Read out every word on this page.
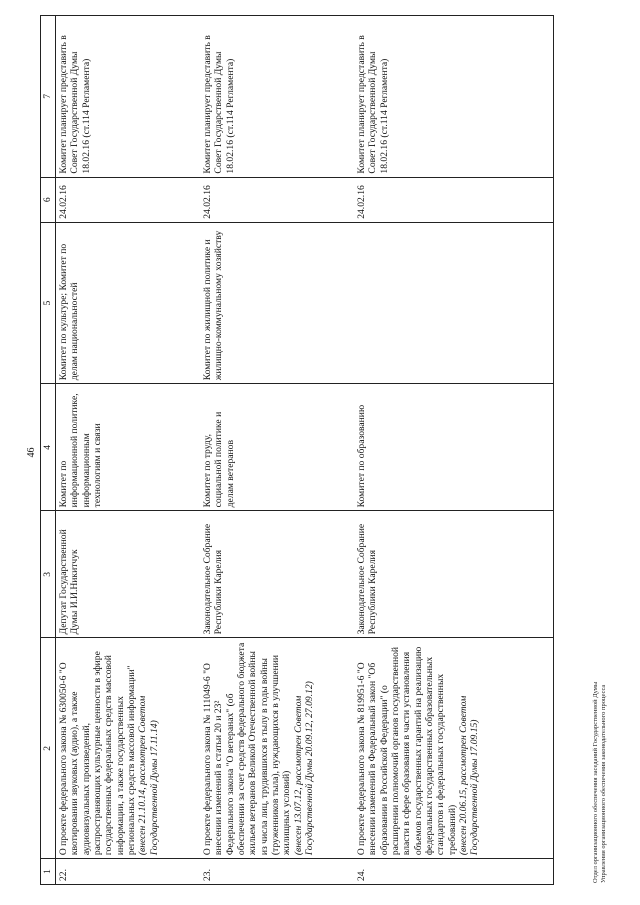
46
1	2	3	4	5	6	7
22.	О проекте федерального закона № 630050-6 "О квотировании звуковых (аудио), а также аудиовизуальных произведений, распространяющих культурные ценности в эфире государственных федеральных средств массовой информации, а также государственных региональных средств массовой информации" (внесен 21.10.14, рассмотрен Советом Государственной Думы 17.11.14)	Депутат Государственной Думы И.И.Никитчук	Комитет по информационной политике, информационным технологиям и связи	Комитет по культуре; Комитет по делам национальностей	24.02.16	Комитет планирует представить в Совет Государственной Думы 18.02.16 (ст.114 Регламента)
23.	О проекте федерального закона № 111049-6 "О внесении изменений в статьи 20 и 23² Федерального закона "О ветеранах" (об обеспечении за счет средств федерального бюджета жильем ветеранов Великой Отечественной войны из числа лиц, трудившихся в тылу в годы войны (труженников тыла), нуждающихся в улучшении жилищных условий) (внесен 13.07.12, рассмотрен Советом Государственной Думы 20.09.12, 27.09.12)	Законодательное Собрание Республики Карелия	Комитет по труду, социальной политике и делам ветеранов	Комитет по жилищной политике и жилищно-коммунальному хозяйству	24.02.16	Комитет планирует представить в Совет Государственной Думы 18.02.16 (ст.114 Регламента)
24.	О проекте федерального закона № 819951-6 "О внесении изменений в Федеральный закон "Об образовании в Российской Федерации" (о расширении полномочий органов государственной власти в сфере образования в части установления объемов государственных гарантий на реализацию федеральных государственных образовательных стандартов и федеральных государственных требований) (внесен 20.06.15, рассмотрен Советом Государственной Думы 17.09.15)	Законодательное Собрание Республики Карелия	Комитет по образованию		24.02.16	Комитет планирует представить в Совет Государственной Думы 18.02.16 (ст.114 Регламента)
Отдел организационного обеспечения заседаний Государственной Думы Управления организационного обеспечения законодательного процесса
